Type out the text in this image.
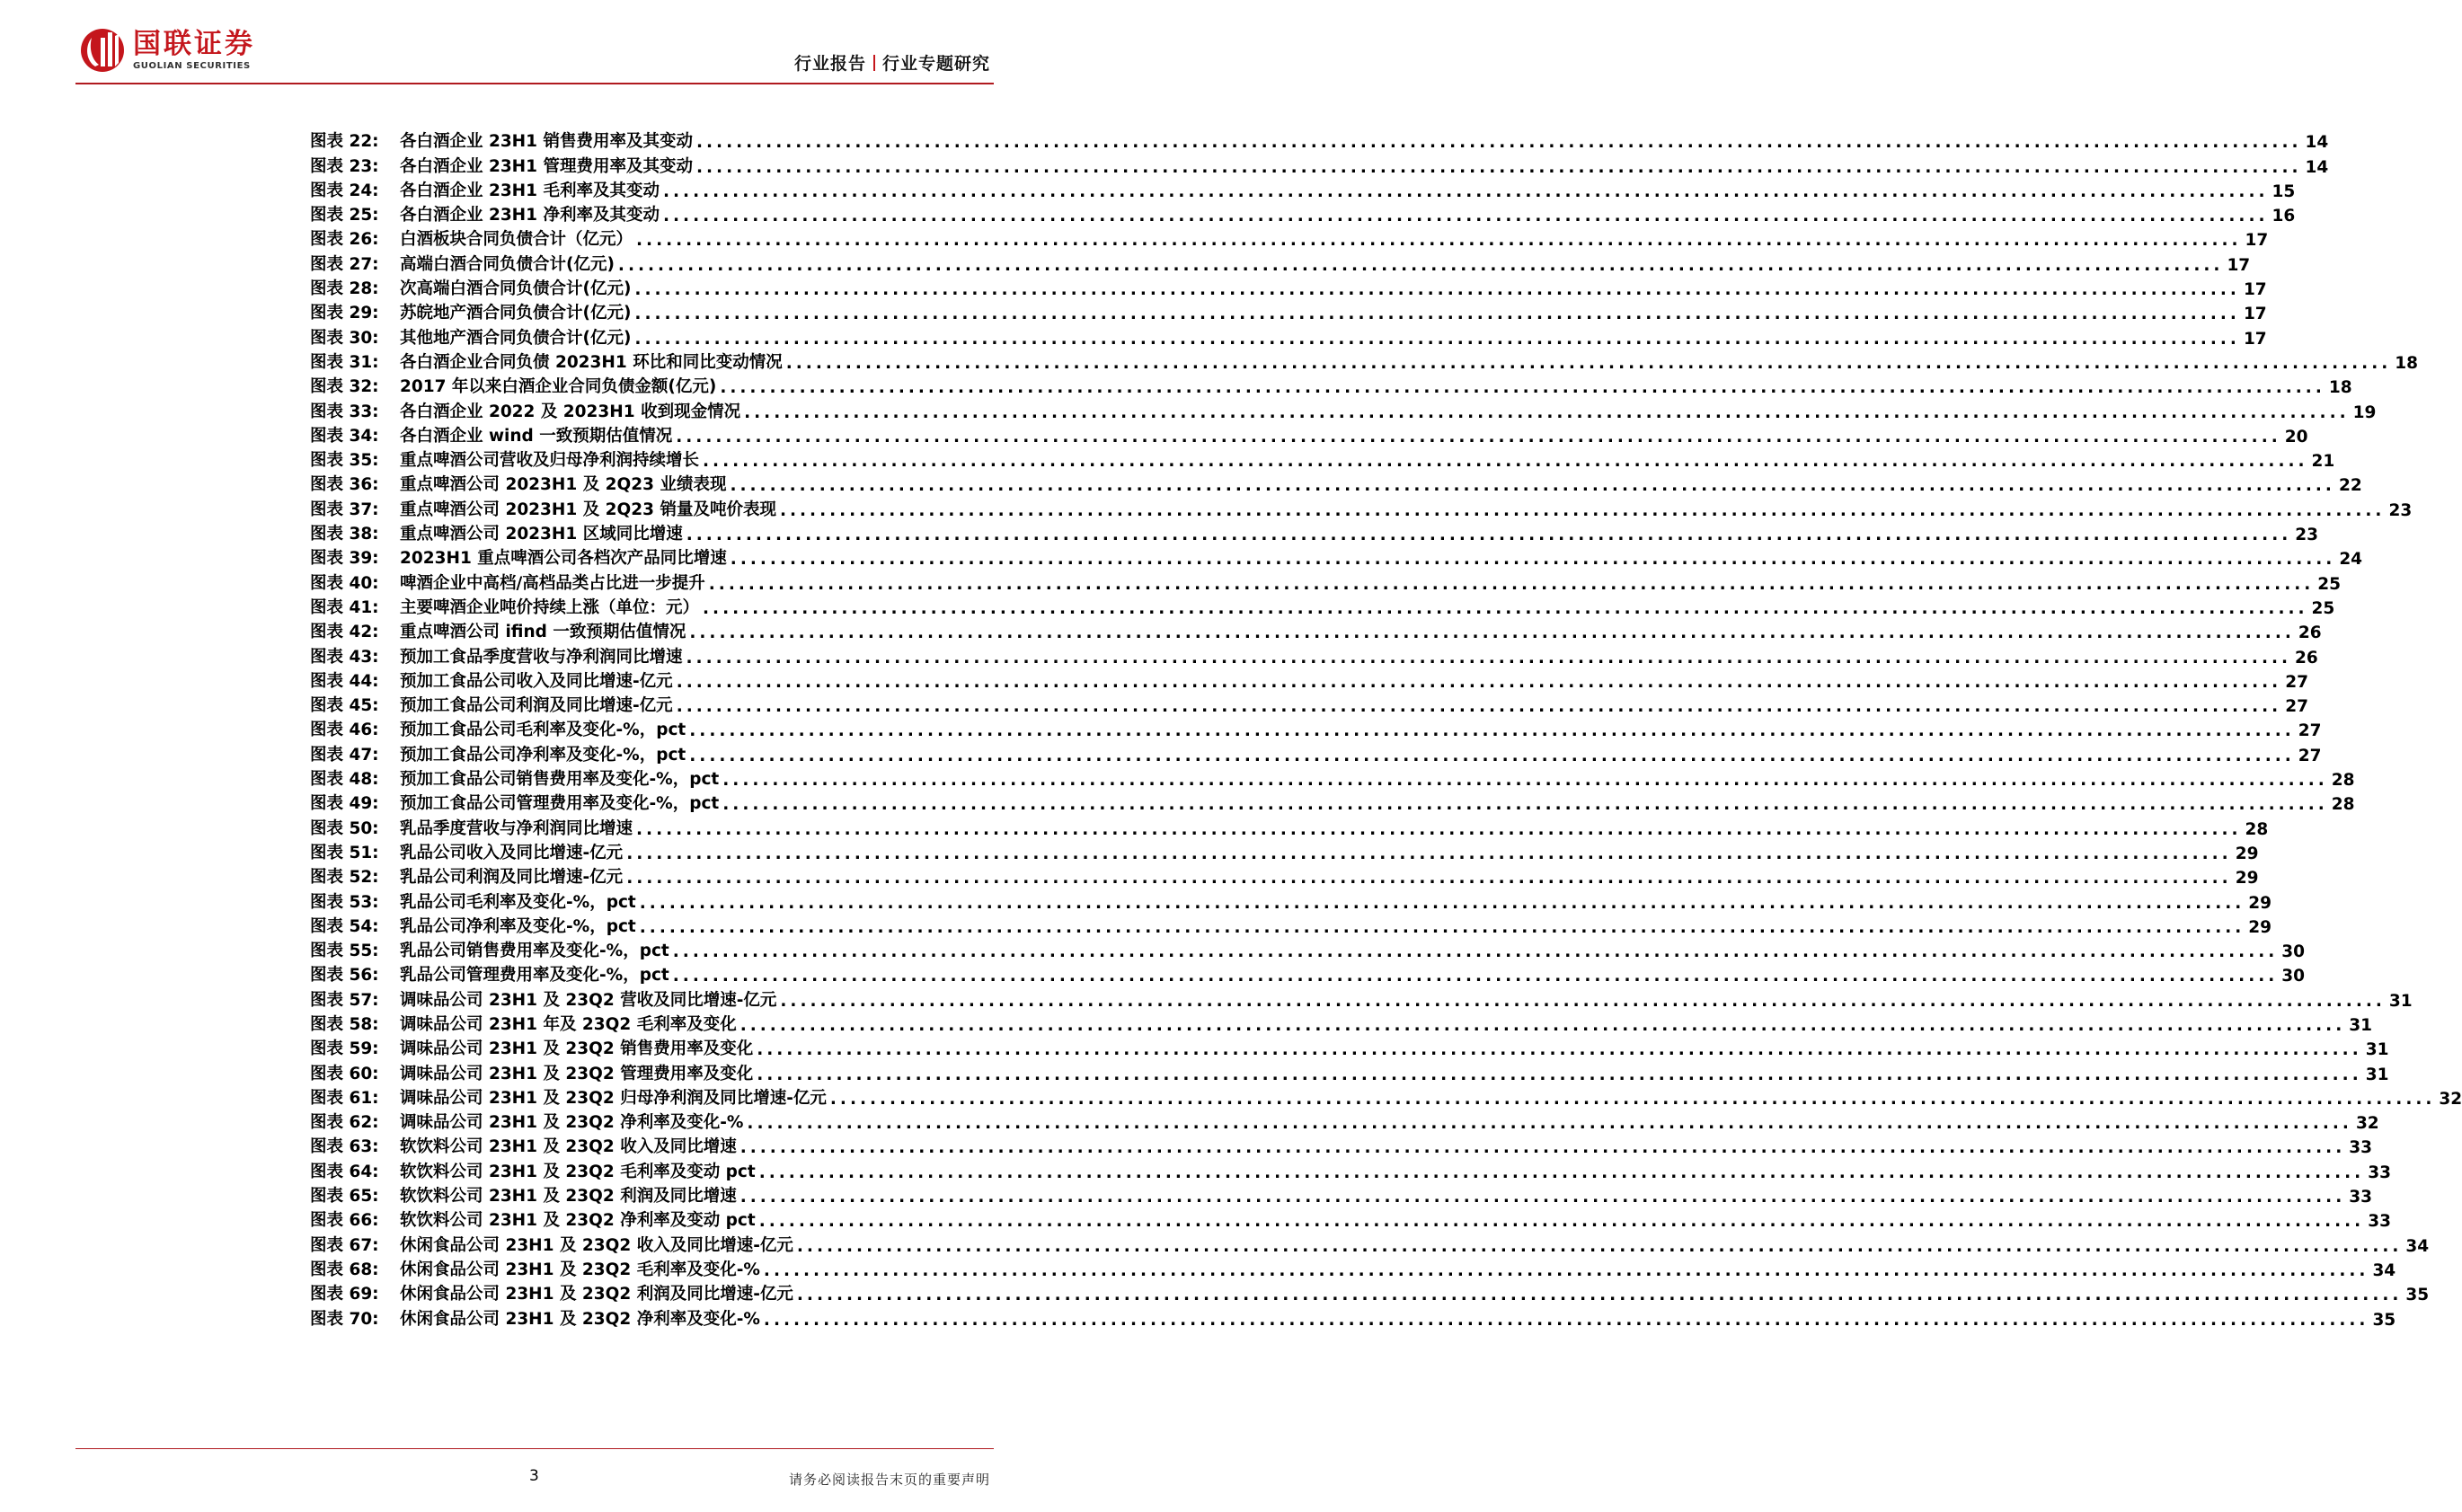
国联证券
GUOLIAN SECURITIES	行业报告 行业专题研究
图表 22:	各白酒企业 23H1 销售费用率及其变动 .....	14
图表 23:	各白酒企业 23H1 管理费用率及其变动 .....	14
图表 24:	各白酒企业 23H1 毛利率及其变动 .....	15
图表 25:	各白酒企业 23H1 净利率及其变动 .....	16
图表 26:	白酒板块合同负债合计（亿元） .....	17
图表 27:	高端白酒合同负债合计(亿元) .....	17
图表 28:	次高端白酒合同负债合计(亿元) .....	17
图表 29:	苏皖地产酒合同负债合计(亿元) .....	17
图表 30:	其他地产酒合同负债合计(亿元) .....	17
图表 31:	各白酒企业合同负债 2023H1 环比和同比变动情况 .....	18
图表 32:	2017 年以来白酒企业合同负债金额(亿元) .....	18
图表 33:	各白酒企业 2022 及 2023H1 收到现金情况 .....	19
图表 34:	各白酒企业 wind 一致预期估值情况 .....	20
图表 35:	重点啤酒公司营收及归母净利润持续增长 .....	21
图表 36:	重点啤酒公司 2023H1 及 2Q23 业绩表现 .....	22
图表 37:	重点啤酒公司 2023H1 及 2Q23 销量及吨价表现 .....	23
图表 38:	重点啤酒公司 2023H1 区域同比增速 .....	23
图表 39:	2023H1 重点啤酒公司各档次产品同比增速 .....	24
图表 40:	啤酒企业中高档/高档品类占比进一步提升 .....	25
图表 41:	主要啤酒企业吨价持续上涨（单位：元） .....	25
图表 42:	重点啤酒公司 ifind 一致预期估值情况 .....	26
图表 43:	预加工食品季度营收与净利润同比增速 .....	26
图表 44:	预加工食品公司收入及同比增速-亿元 .....	27
图表 45:	预加工食品公司利润及同比增速-亿元 .....	27
图表 46:	预加工食品公司毛利率及变化-%，pct .....	27
图表 47:	预加工食品公司净利率及变化-%，pct .....	27
图表 48:	预加工食品公司销售费用率及变化-%，pct .....	28
图表 49:	预加工食品公司管理费用率及变化-%，pct .....	28
图表 50:	乳品季度营收与净利润同比增速 .....	28
图表 51:	乳品公司收入及同比增速-亿元 .....	29
图表 52:	乳品公司利润及同比增速-亿元 .....	29
图表 53:	乳品公司毛利率及变化-%，pct .....	29
图表 54:	乳品公司净利率及变化-%，pct .....	29
图表 55:	乳品公司销售费用率及变化-%，pct .....	30
图表 56:	乳品公司管理费用率及变化-%，pct .....	30
图表 57:	调味品公司 23H1 及 23Q2 营收及同比增速-亿元 .....	31
图表 58:	调味品公司 23H1 年及 23Q2 毛利率及变化 .....	31
图表 59:	调味品公司 23H1 及 23Q2 销售费用率及变化 .....	31
图表 60:	调味品公司 23H1 及 23Q2 管理费用率及变化 .....	31
图表 61:	调味品公司 23H1 及 23Q2 归母净利润及同比增速-亿元 .....	32
图表 62:	调味品公司 23H1 及 23Q2 净利率及变化-% .....	32
图表 63:	软饮料公司 23H1 及 23Q2 收入及同比增速 .....	33
图表 64:	软饮料公司 23H1 及 23Q2 毛利率及变动 pct .....	33
图表 65:	软饮料公司 23H1 及 23Q2 利润及同比增速 .....	33
图表 66:	软饮料公司 23H1 及 23Q2 净利率及变动 pct .....	33
图表 67:	休闲食品公司 23H1 及 23Q2 收入及同比增速-亿元 .....	34
图表 68:	休闲食品公司 23H1 及 23Q2 毛利率及变化-% .....	34
图表 69:	休闲食品公司 23H1 及 23Q2 利润及同比增速-亿元 .....	35
图表 70:	休闲食品公司 23H1 及 23Q2 净利率及变化-% .....	35
3	请务必阅读报告末页的重要声明
